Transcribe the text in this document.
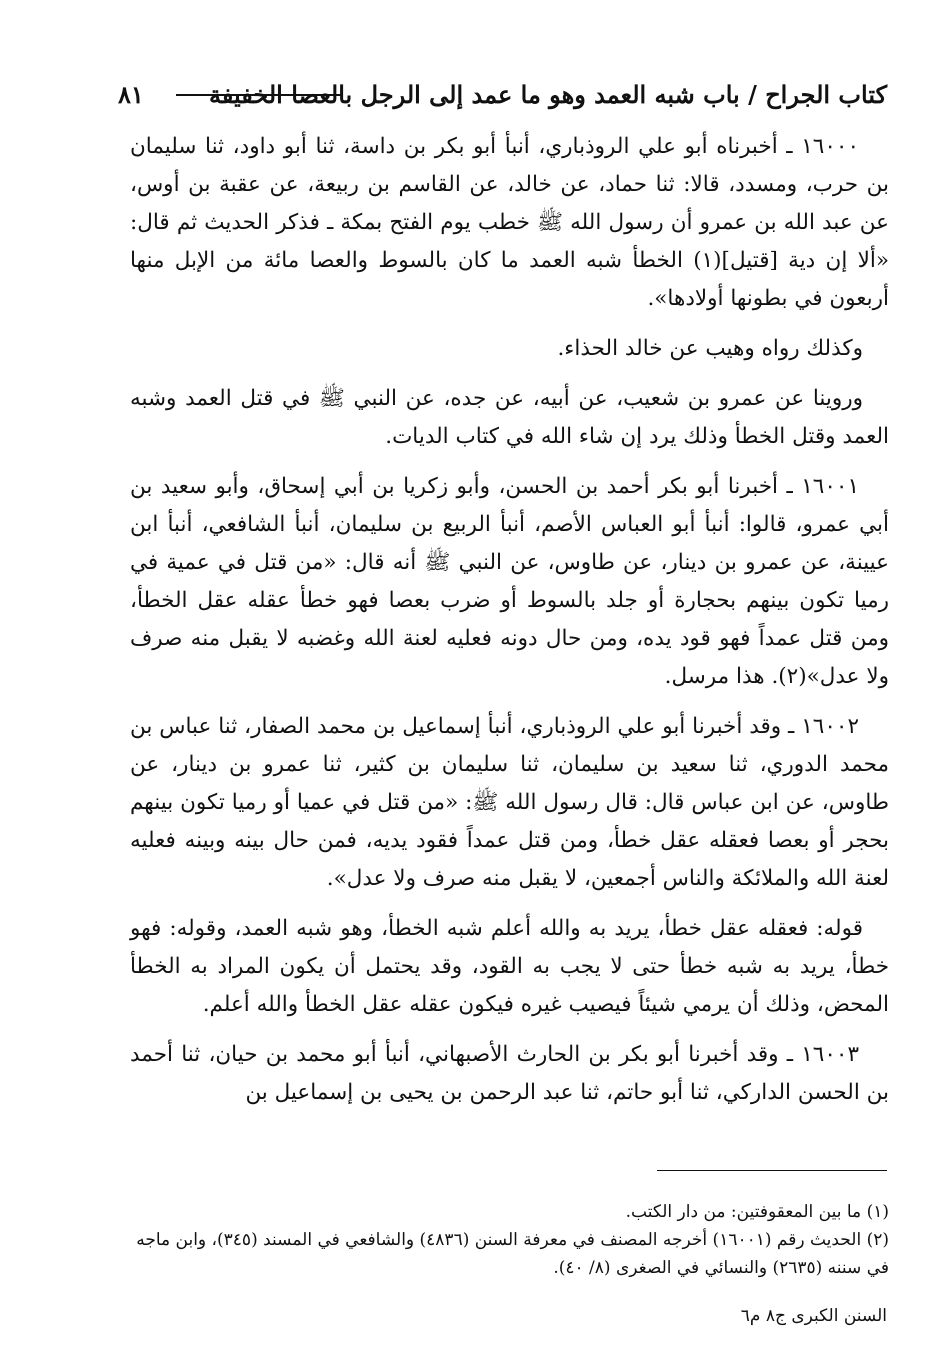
كتاب الجراح / باب شبه العمد وهو ما عمد إلى الرجل بالعصا الخفيفة
٨١

١٦٠٠٠ ـ أخبرناه أبو علي الروذباري، أنبأ أبو بكر بن داسة، ثنا أبو داود، ثنا سليمان بن حرب، ومسدد، قالا: ثنا حماد، عن خالد، عن القاسم بن ربيعة، عن عقبة بن أوس، عن عبد الله بن عمرو أن رسول الله ﷺ خطب يوم الفتح بمكة ـ فذكر الحديث ثم قال: «ألا إن دية [قتيل](١) الخطأ شبه العمد ما كان بالسوط والعصا مائة من الإبل منها أربعون في بطونها أولادها».

وكذلك رواه وهيب عن خالد الحذاء.

وروينا عن عمرو بن شعيب، عن أبيه، عن جده، عن النبي ﷺ في قتل العمد وشبه العمد وقتل الخطأ وذلك يرد إن شاء الله في كتاب الديات.

١٦٠٠١ ـ أخبرنا أبو بكر أحمد بن الحسن، وأبو زكريا بن أبي إسحاق، وأبو سعيد بن أبي عمرو، قالوا: أنبأ أبو العباس الأصم، أنبأ الربيع بن سليمان، أنبأ الشافعي، أنبأ ابن عيينة، عن عمرو بن دينار، عن طاوس، عن النبي ﷺ أنه قال: «من قتل في عمية في رميا تكون بينهم بحجارة أو جلد بالسوط أو ضرب بعصا فهو خطأ عقله عقل الخطأ، ومن قتل عمداً فهو قود يده، ومن حال دونه فعليه لعنة الله وغضبه لا يقبل منه صرف ولا عدل»(٢). هذا مرسل.

١٦٠٠٢ ـ وقد أخبرنا أبو علي الروذباري، أنبأ إسماعيل بن محمد الصفار، ثنا عباس بن محمد الدوري، ثنا سعيد بن سليمان، ثنا سليمان بن كثير، ثنا عمرو بن دينار، عن طاوس، عن ابن عباس قال: قال رسول الله ﷺ: «من قتل في عميا أو رميا تكون بينهم بحجر أو بعصا فعقله عقل خطأ، ومن قتل عمداً فقود يديه، فمن حال بينه وبينه فعليه لعنة الله والملائكة والناس أجمعين، لا يقبل منه صرف ولا عدل».

قوله: فعقله عقل خطأ، يريد به والله أعلم شبه الخطأ، وهو شبه العمد، وقوله: فهو خطأ، يريد به شبه خطأ حتى لا يجب به القود، وقد يحتمل أن يكون المراد به الخطأ المحض، وذلك أن يرمي شيئاً فيصيب غيره فيكون عقله عقل الخطأ والله أعلم.

١٦٠٠٣ ـ وقد أخبرنا أبو بكر بن الحارث الأصبهاني، أنبأ أبو محمد بن حيان، ثنا أحمد بن الحسن الداركي، ثنا أبو حاتم، ثنا عبد الرحمن بن يحيى بن إسماعيل بن

(١) ما بين المعقوفتين: من دار الكتب.

(٢) الحديث رقم (١٦٠٠١) أخرجه المصنف في معرفة السنن (٤٨٣٦) والشافعي في المسند (٣٤٥)، وابن ماجه في سننه (٢٦٣٥) والنسائي في الصغرى (٨/ ٤٠).

السنن الكبرى ج٨ م٦
